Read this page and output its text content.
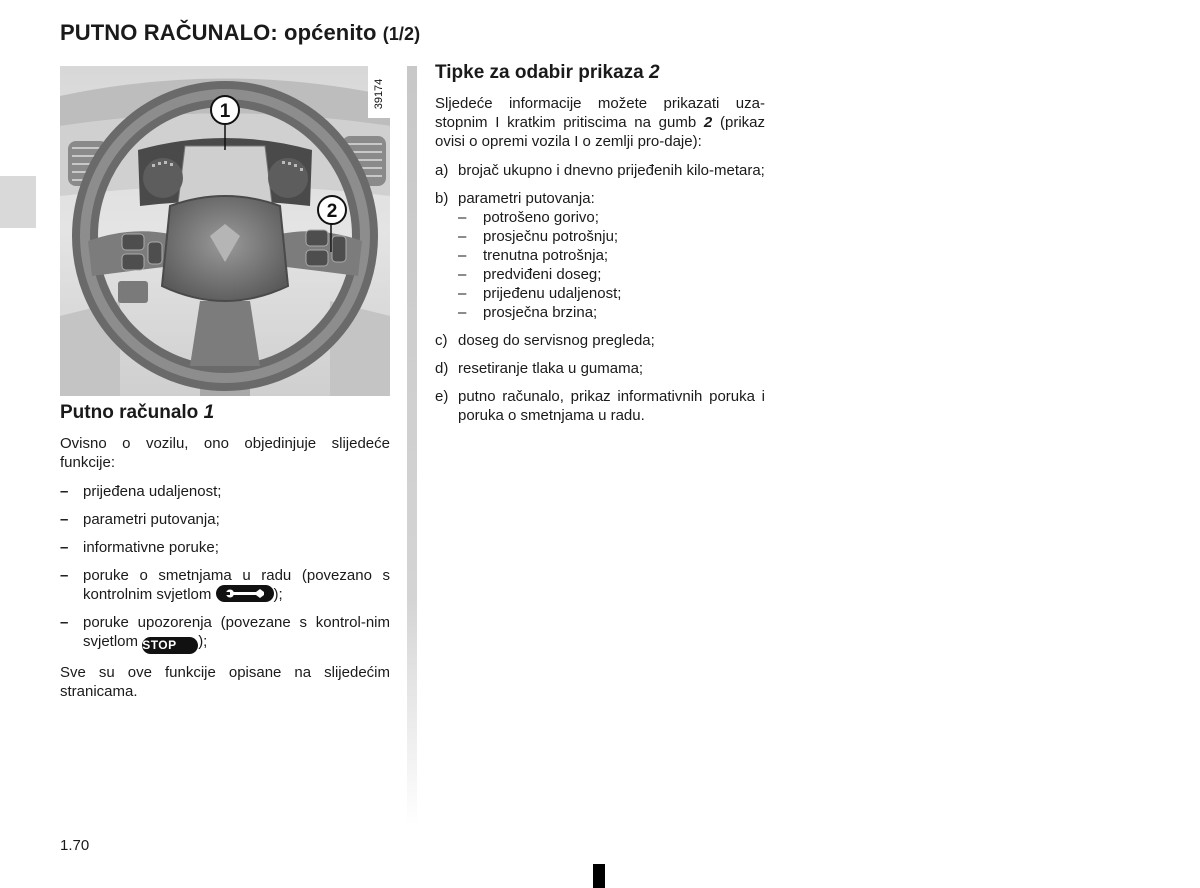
PUTNO RAČUNALO: općenito (1/2)
1
2
39174
Putno računalo 1
Ovisno o vozilu, ono objedinjuje slijedeće funkcije:
– prijeđena udaljenost;
– parametri putovanja;
– informativne poruke;
– poruke o smetnjama u radu (povezano s kontrolnim svjetlom	);
– poruke upozorenja (povezane s kontrol-nim svjetlom STOP );
Sve su ove funkcije opisane na slijedećim stranicama.
Tipke za odabir prikaza 2
Sljedeće informacije možete prikazati uza-stopnim I kratkim pritiscima na gumb 2 (prikaz ovisi o opremi vozila I o zemlji pro-daje):
a) brojač ukupno i dnevno prijeđenih kilo-metara;
b) parametri putovanja:
– potrošeno gorivo;
– prosječnu potrošnju;
– trenutna potrošnja;
– predviđeni doseg;
– prijeđenu udaljenost;
– prosječna brzina;
c) doseg do servisnog pregleda;
d) resetiranje tlaka u gumama;
e) putno računalo, prikaz informativnih poruka i poruka o smetnjama u radu.
1.70
